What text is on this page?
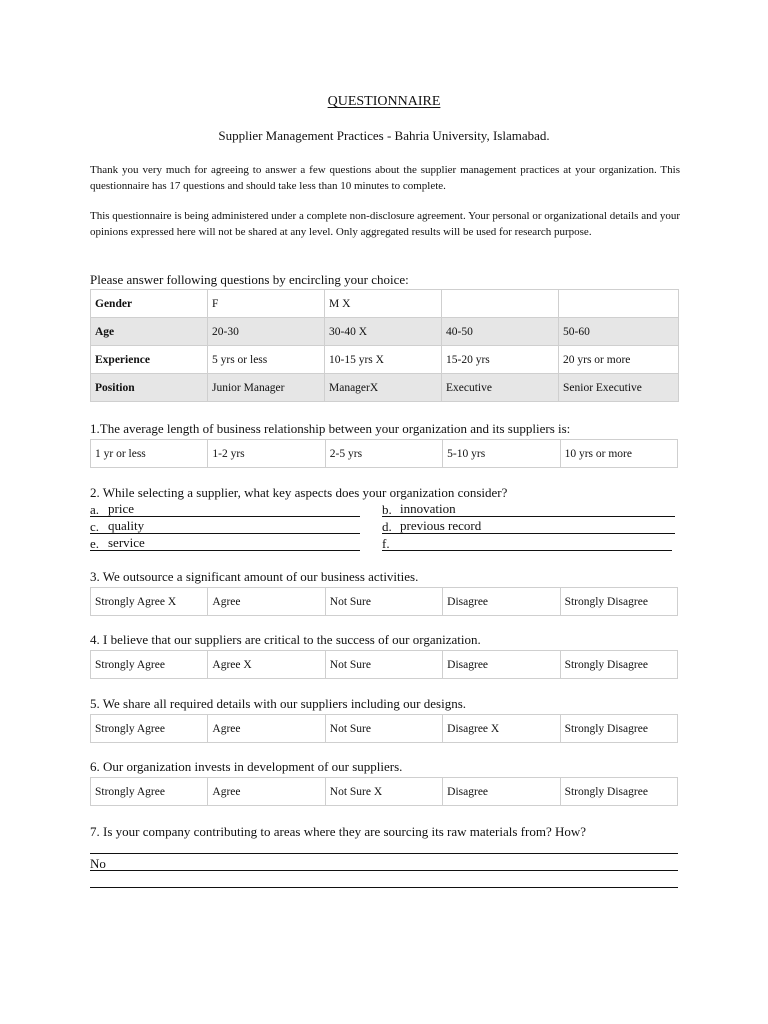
QUESTIONNAIRE
Supplier Management Practices - Bahria University, Islamabad.
Thank you very much for agreeing to answer a few questions about the supplier management practices at your organization. This questionnaire has 17 questions and should take less than 10 minutes to complete.
This questionnaire is being administered under a complete non-disclosure agreement. Your personal or organizational details and your opinions expressed here will not be shared at any level. Only aggregated results will be used for research purpose.
Please answer following questions by encircling your choice:
Gender	F	M X		
Age	20-30	30-40 X	40-50	50-60
Experience	5 yrs or less	10-15 yrs X	15-20 yrs	20 yrs or more
Position	Junior Manager	ManagerX	Executive	Senior Executive
1.The average length of business relationship between your organization and its suppliers is:
1 yr or less	1-2 yrs	2-5 yrs	5-10 yrs	10 yrs or more
2. While selecting a supplier, what key aspects does your organization consider?
a. price	b. innovation
c. quality	d. previous record
e. service	f.
3. We outsource a significant amount of our business activities.
Strongly Agree X	Agree	Not Sure	Disagree	Strongly Disagree
4. I believe that our suppliers are critical to the success of our organization.
Strongly Agree	Agree X	Not Sure	Disagree	Strongly Disagree
5. We share all required details with our suppliers including our designs.
Strongly Agree	Agree	Not Sure	Disagree X	Strongly Disagree
6. Our organization invests in development of our suppliers.
Strongly Agree	Agree	Not Sure X	Disagree	Strongly Disagree
7. Is your company contributing to areas where they are sourcing its raw materials from? How?
No
